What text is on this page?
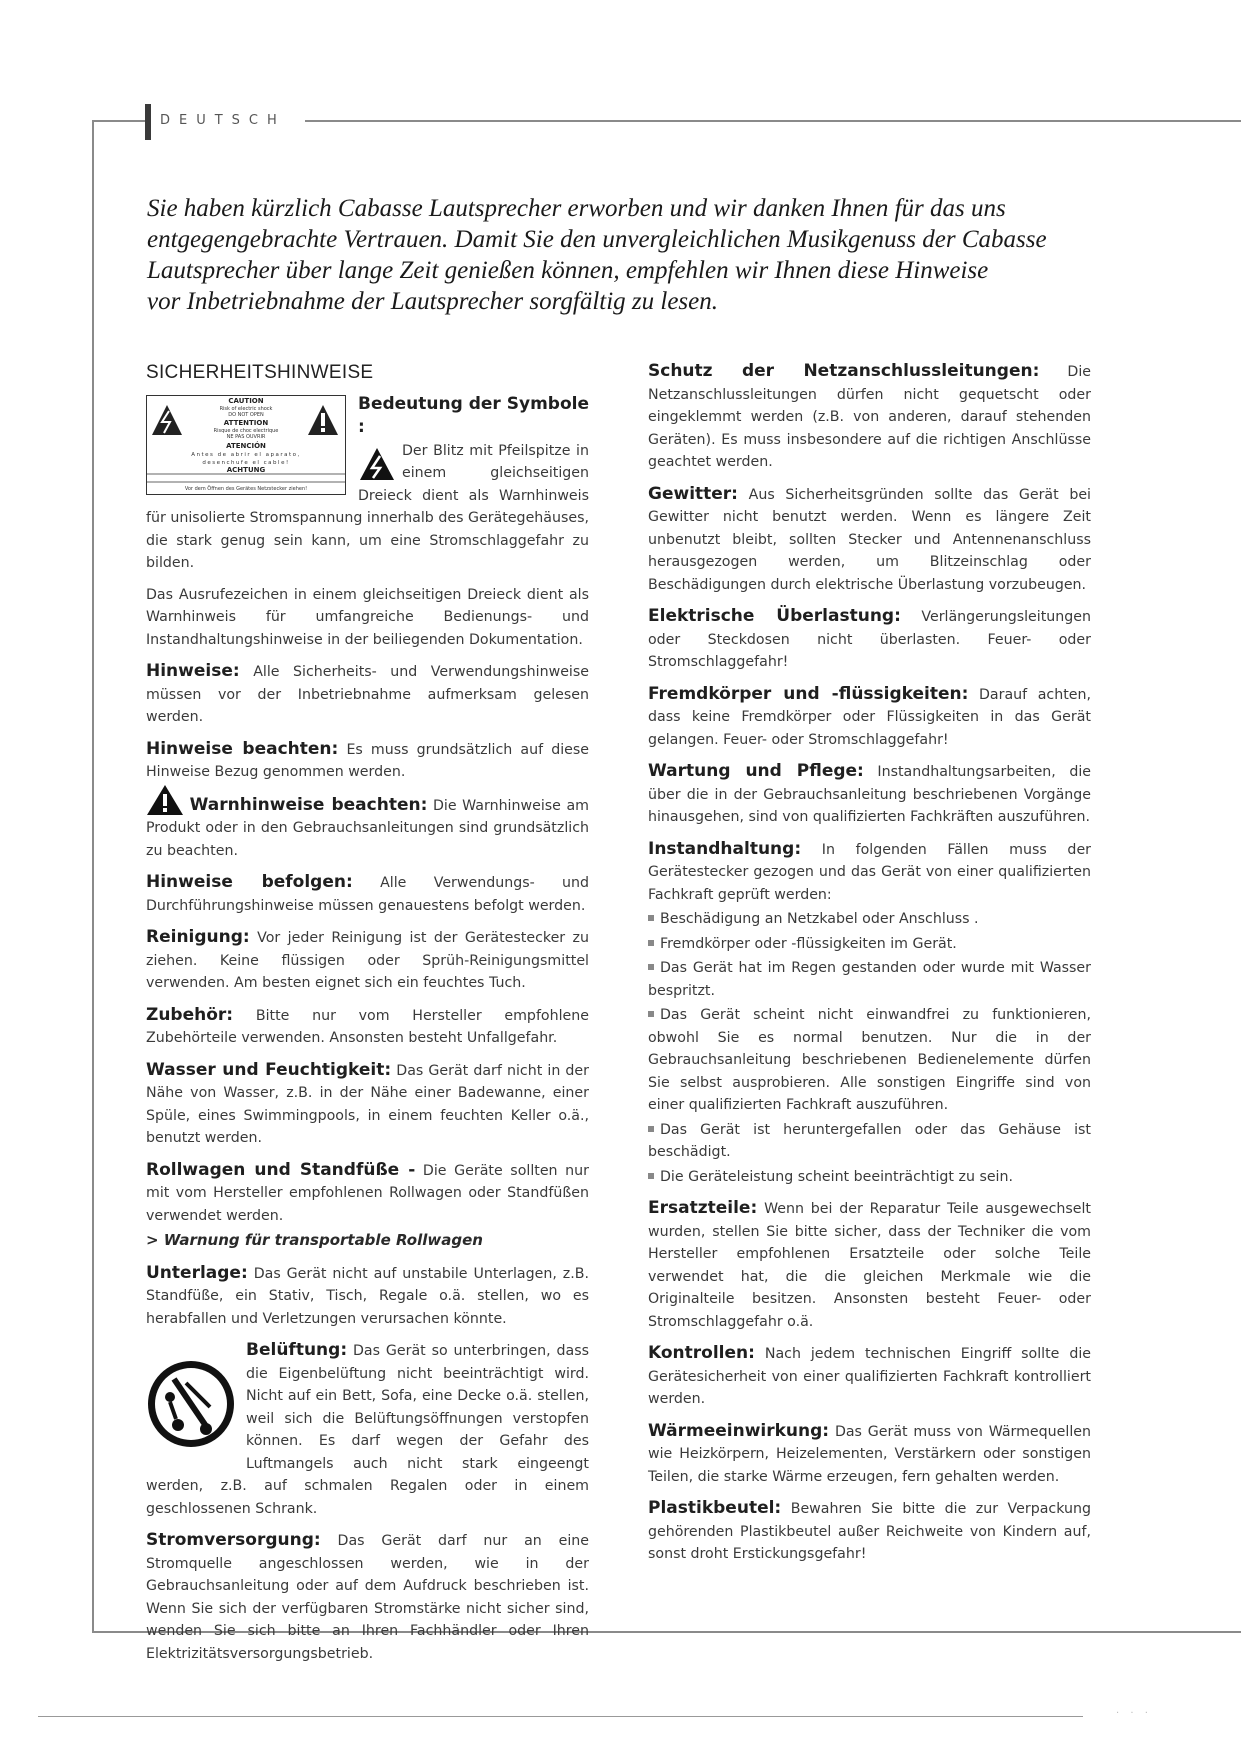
DEUTSCH
· · ·

Sie haben kürzlich Cabasse Lautsprecher erworben und wir danken Ihnen für das uns

entgegengebrachte Vertrauen. Damit Sie den unvergleichlichen Musikgenuss der Cabasse

Lautsprecher über lange Zeit genießen können, empfehlen wir Ihnen diese Hinweise

vor Inbetriebnahme der Lautsprecher sorgfältig zu lesen.

SICHERHEITSHINWEISE

CAUTION
Risk of electric shock
DO NOT OPEN
ATTENTION
Risque de choc electrique
NE PAS OUVRIR
ATENCIÓN
Antes de abrir el aparato,
desenchufe el cable!
ACHTUNG
Vor dem Öffnen des Gerätes Netzstecker ziehen!
Bedeutung der Symbole :

Der Blitz mit Pfeilspitze in einem gleichseitigen Dreieck dient als Warnhinweis für unisolierte Stromspannung innerhalb des Gerätegehäuses, die stark genug sein kann, um eine Stromschlaggefahr zu bilden.

Das Ausrufezeichen in einem gleichseitigen Dreieck dient als Warnhinweis für umfangreiche Bedienungs- und Instandhaltungshinweise in der beiliegenden Dokumentation.

Hinweise: Alle Sicherheits- und Verwendungshinweise müssen vor der Inbetriebnahme aufmerksam gelesen werden.

Hinweise beachten: Es muss grundsätzlich auf diese Hinweise Bezug genommen werden.

Warnhinweise beachten: Die Warnhinweise am Produkt oder in den Gebrauchsanleitungen sind grundsätzlich zu beachten.

Hinweise befolgen: Alle Verwendungs- und Durchführungshinweise müssen genauestens befolgt werden.

Reinigung: Vor jeder Reinigung ist der Gerätestecker zu ziehen. Keine flüssigen oder Sprüh-Reinigungsmittel verwenden. Am besten eignet sich ein feuchtes Tuch.

Zubehör: Bitte nur vom Hersteller empfohlene Zubehörteile verwenden. Ansonsten besteht Unfallgefahr.

Wasser und Feuchtigkeit: Das Gerät darf nicht in der Nähe von Wasser, z.B. in der Nähe einer Badewanne, einer Spüle, eines Swimmingpools, in einem feuchten Keller o.ä., benutzt werden.

Rollwagen und Standfüße - Die Geräte sollten nur mit vom Hersteller empfohlenen Rollwagen oder Standfüßen verwendet werden.

> Warnung für transportable Rollwagen

Unterlage: Das Gerät nicht auf unstabile Unterlagen, z.B. Standfüße, ein Stativ, Tisch, Regale o.ä. stellen, wo es herabfallen und Verletzungen verursachen könnte.

Belüftung: Das Gerät so unterbringen, dass die Eigenbelüftung nicht beeinträchtigt wird. Nicht auf ein Bett, Sofa, eine Decke o.ä. stellen, weil sich die Belüftungsöffnungen verstopfen können. Es darf wegen der Gefahr des Luftmangels auch nicht stark eingeengt werden, z.B. auf schmalen Regalen oder in einem geschlossenen Schrank.

Stromversorgung: Das Gerät darf nur an eine Stromquelle angeschlossen werden, wie in der Gebrauchsanleitung oder auf dem Aufdruck beschrieben ist. Wenn Sie sich der verfügbaren Stromstärke nicht sicher sind, wenden Sie sich bitte an Ihren Fachhändler oder Ihren Elektrizitätsversorgungsbetrieb.

Schutz der Netzanschlussleitungen: Die Netzanschlussleitungen dürfen nicht gequetscht oder eingeklemmt werden (z.B. von anderen, darauf stehenden Geräten). Es muss insbesondere auf die richtigen Anschlüsse geachtet werden.

Gewitter: Aus Sicherheitsgründen sollte das Gerät bei Gewitter nicht benutzt werden. Wenn es längere Zeit unbenutzt bleibt, sollten Stecker und Antennenanschluss herausgezogen werden, um Blitzeinschlag oder Beschädigungen durch elektrische Überlastung vorzubeugen.

Elektrische Überlastung: Verlängerungsleitungen oder Steckdosen nicht überlasten. Feuer- oder Stromschlaggefahr!

Fremdkörper und -flüssigkeiten: Darauf achten, dass keine Fremdkörper oder Flüssigkeiten in das Gerät gelangen. Feuer- oder Stromschlaggefahr!

Wartung und Pflege: Instandhaltungsarbeiten, die über die in der Gebrauchsanleitung beschriebenen Vorgänge hinausgehen, sind von qualifizierten Fachkräften auszuführen.

Instandhaltung: In folgenden Fällen muss der Gerätestecker gezogen und das Gerät von einer qualifizierten Fachkraft geprüft werden:

Beschädigung an Netzkabel oder Anschluss .

Fremdkörper oder -flüssigkeiten im Gerät.

Das Gerät hat im Regen gestanden oder wurde mit Wasser bespritzt.

Das Gerät scheint nicht einwandfrei zu funktionieren, obwohl Sie es normal benutzen. Nur die in der Gebrauchsanleitung beschriebenen Bedienelemente dürfen Sie selbst ausprobieren. Alle sonstigen Eingriffe sind von einer qualifizierten Fachkraft auszuführen.

Das Gerät ist heruntergefallen oder das Gehäuse ist beschädigt.

Die Geräteleistung scheint beeinträchtigt zu sein.

Ersatzteile: Wenn bei der Reparatur Teile ausgewechselt wurden, stellen Sie bitte sicher, dass der Techniker die vom Hersteller empfohlenen Ersatzteile oder solche Teile verwendet hat, die die gleichen Merkmale wie die Originalteile besitzen. Ansonsten besteht Feuer- oder Stromschlaggefahr o.ä.

Kontrollen: Nach jedem technischen Eingriff sollte die Gerätesicherheit von einer qualifizierten Fachkraft kontrolliert werden.

Wärmeeinwirkung: Das Gerät muss von Wärmequellen wie Heizkörpern, Heizelementen, Verstärkern oder sonstigen Teilen, die starke Wärme erzeugen, fern gehalten werden.

Plastikbeutel: Bewahren Sie bitte die zur Verpackung gehörenden Plastikbeutel außer Reichweite von Kindern auf, sonst droht Erstickungsgefahr!
